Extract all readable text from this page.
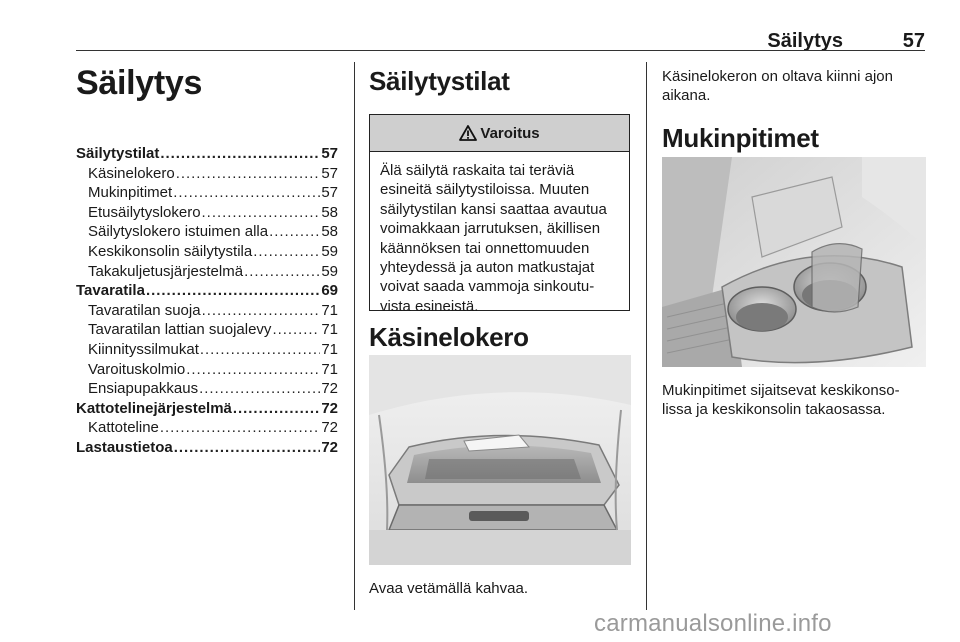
Säilytys	57
Säilytys
Säilytystilat . . .	57
Käsinelokero . . .	57
Mukinpitimet . . .	57
Etusäilytyslokero . . .	58
Säilytyslokero istuimen alla . . .	58
Keskikonsolin säilytystila . . .	59
Takakuljetusjärjestelmä . . .	59
Tavaratila . . .	69
Tavaratilan suoja . . .	71
Tavaratilan lattian suojalevy . . .	71
Kiinnityssilmukat . . .	71
Varoituskolmio . . .	71
Ensiapupakkaus . . .	72
Kattotelinejärjestelmä . . .	72
Kattoteline . . .	72
Lastaustietoa . . .	72
Säilytystilat
Varoitus
Älä säilytä raskaita tai teräviä
esineitä säilytystiloissa. Muuten
säilytystilan kansi saattaa avautua
voimakkaan jarrutuksen, äkillisen
käännöksen tai onnettomuuden
yhteydessä ja auton matkustajat
voivat saada vammoja sinkoutu-
vista esineistä.
Käsinelokero
Avaa vetämällä kahvaa.
Käsinelokeron on oltava kiinni ajon
aikana.
Mukinpitimet
Mukinpitimet sijaitsevat keskikonso-
lissa ja keskikonsolin takaosassa.
carmanualsonline.info
